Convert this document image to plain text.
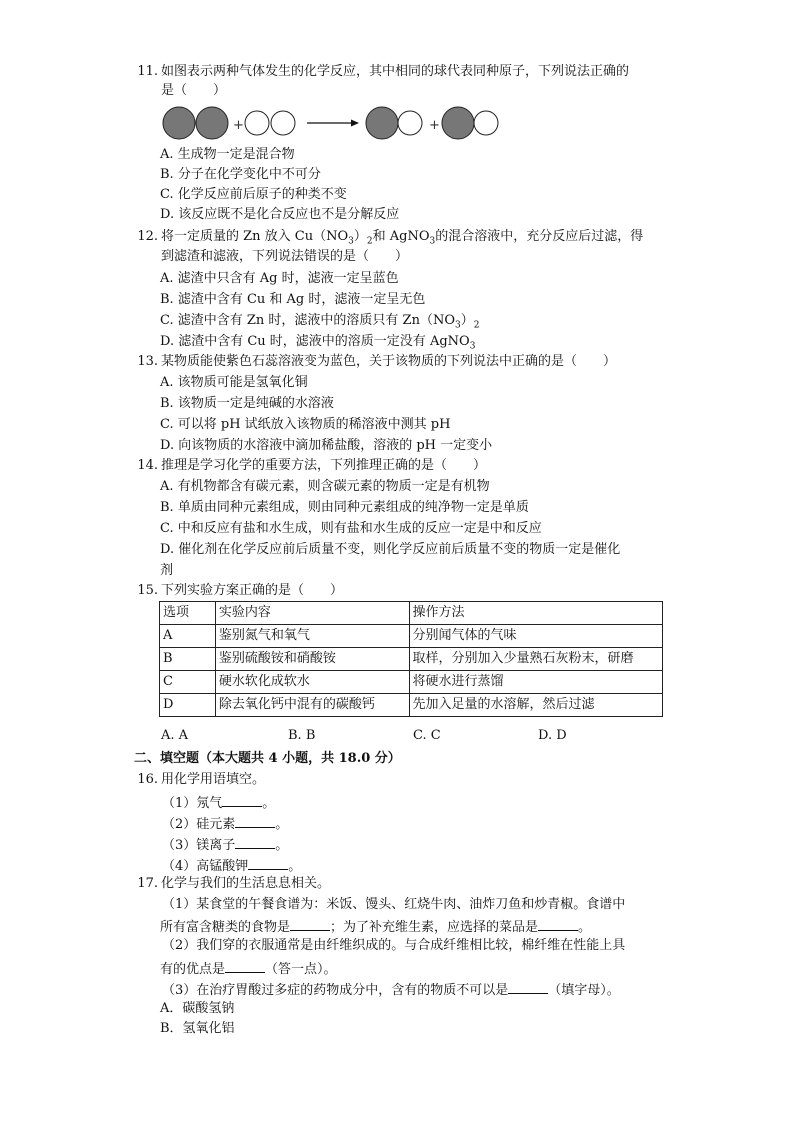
11. 如图表示两种气体发生的化学反应，其中相同的球代表同种原子，下列说法正确的
是（　　）
+	+
A. 生成物一定是混合物
B. 分子在化学变化中不可分
C. 化学反应前后原子的种类不变
D. 该反应既不是化合反应也不是分解反应
12. 将一定质量的 Zn 放入 $Cu(NO_3)_2$和 AgNO$_3$的混合溶液中，充分反应后过滤，得
到滤渣和滤液，下列说法错误的是（　　）
A. 滤渣中只含有 Ag 时，滤液一定呈蓝色
B. 滤渣中含有 Cu 和 Ag 时，滤液一定呈无色
C. 滤渣中含有 Zn 时，滤液中的溶质只有 $Zn(NO_3)_2$
D. 滤渣中含有 Cu 时，滤液中的溶质一定没有 AgNO$_3$
13. 某物质能使紫色石蕊溶液变为蓝色，关于该物质的下列说法中正确的是（　　）
A. 该物质可能是氢氧化铜
B. 该物质一定是纯碱的水溶液
C. 可以将 pH 试纸放入该物质的稀溶液中测其 pH
D. 向该物质的水溶液中滴加稀盐酸，溶液的 pH 一定变小
14. 推理是学习化学的重要方法，下列推理正确的是（　　）
A. 有机物都含有碳元素，则含碳元素的物质一定是有机物
B. 单质由同种元素组成，则由同种元素组成的纯净物一定是单质
C. 中和反应有盐和水生成，则有盐和水生成的反应一定是中和反应
D. 催化剂在化学反应前后质量不变，则化学反应前后质量不变的物质一定是催化
剂
15. 下列实验方案正确的是（　　）
选项	实验内容	操作方法
A	鉴别氮气和氧气	分别闻气体的气味
B	鉴别硫酸铵和硝酸铵	取样，分别加入少量熟石灰粉末，研磨
C	硬水软化成软水	将硬水进行蒸馏
D	除去氧化钙中混有的碳酸钙	先加入足量的水溶解，然后过滤
A. A	B. B	C. C	D. D
二、填空题（本大题共 4 小题，共 18.0 分）
16. 用化学用语填空。
（1）氖气	。
（2）硅元素	。
（3）镁离子	。
（4）高锰酸钾	。
17. 化学与我们的生活息息相关。
（1）某食堂的午餐食谱为：米饭、馒头、红烧牛肉、油炸刀鱼和炒青椒。食谱中
所有富含糖类的食物是	；为了补充维生素，应选择的菜品是	。
（2）我们穿的衣服通常是由纤维织成的。与合成纤维相比较，棉纤维在性能上具
有的优点是	（答一点）。
（3）在治疗胃酸过多症的药物成分中，含有的物质不可以是	（填字母）。
A．碳酸氢钠
B．氢氧化铝
